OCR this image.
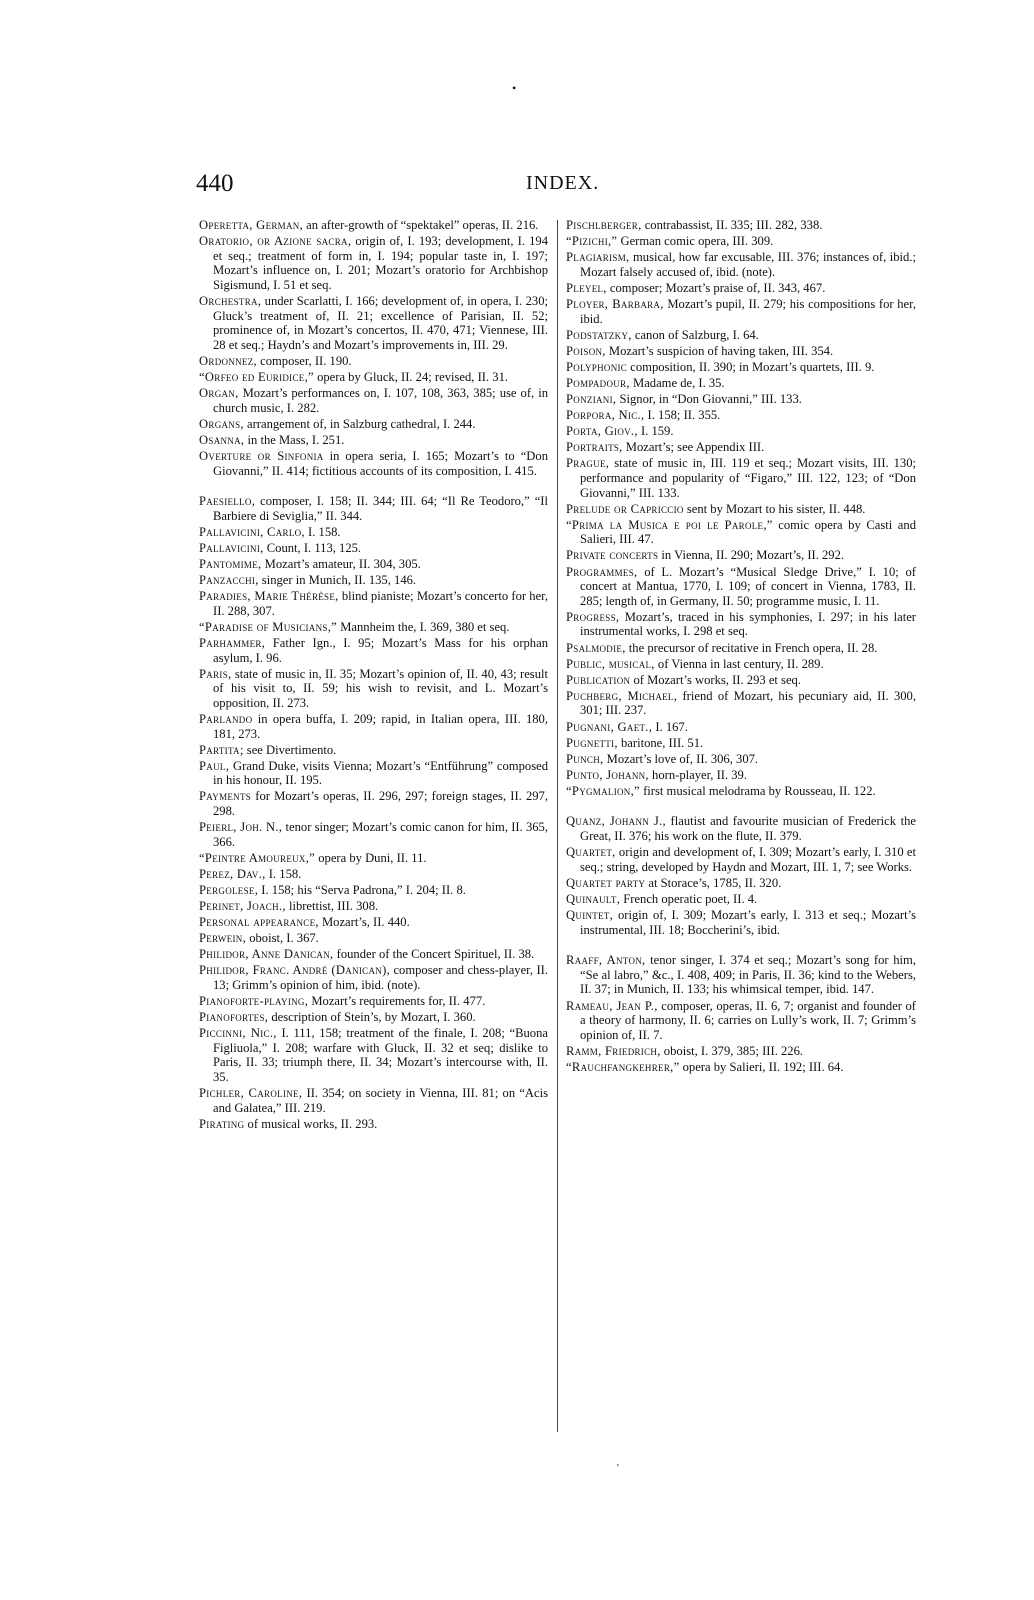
•
440	INDEX.
Operetta, German, an after-growth of “spektakel” operas, II. 216.
Oratorio, or Azione sacra, origin of, I. 193; development, I. 194 et seq.; treatment of form in, I. 194; popular taste in, I. 197; Mozart’s influence on, I. 201; Mozart’s oratorio for Archbishop Sigismund, I. 51 et seq.
Orchestra, under Scarlatti, I. 166; development of, in opera, I. 230; Gluck’s treatment of, II. 21; excellence of Parisian, II. 52; prominence of, in Mozart’s concertos, II. 470, 471; Viennese, III. 28 et seq.; Haydn’s and Mozart’s improvements in, III. 29.
Ordonnez, composer, II. 190.
“Orfeo ed Euridice,” opera by Gluck, II. 24; revised, II. 31.
Organ, Mozart’s performances on, I. 107, 108, 363, 385; use of, in church music, I. 282.
Organs, arrangement of, in Salzburg cathedral, I. 244.
Osanna, in the Mass, I. 251.
Overture or Sinfonia in opera seria, I. 165; Mozart’s to “Don Giovanni,” II. 414; fictitious accounts of its composition, I. 415.
Paesiello, composer, I. 158; II. 344; III. 64; “Il Re Teodoro,” “Il Barbiere di Seviglia,” II. 344.
Pallavicini, Carlo, I. 158.
Pallavicini, Count, I. 113, 125.
Pantomime, Mozart’s amateur, II. 304, 305.
Panzacchi, singer in Munich, II. 135, 146.
Paradies, Marie Thérèse, blind pianiste; Mozart’s concerto for her, II. 288, 307.
“Paradise of Musicians,” Mannheim the, I. 369, 380 et seq.
Parhammer, Father Ign., I. 95; Mozart’s Mass for his orphan asylum, I. 96.
Paris, state of music in, II. 35; Mozart’s opinion of, II. 40, 43; result of his visit to, II. 59; his wish to revisit, and L. Mozart’s opposition, II. 273.
Parlando in opera buffa, I. 209; rapid, in Italian opera, III. 180, 181, 273.
Partita; see Divertimento.
Paul, Grand Duke, visits Vienna; Mozart’s “Entführung” composed in his honour, II. 195.
Payments for Mozart’s operas, II. 296, 297; foreign stages, II. 297, 298.
Peierl, Joh. N., tenor singer; Mozart’s comic canon for him, II. 365, 366.
“Peintre Amoureux,” opera by Duni, II. 11.
Perez, Dav., I. 158.
Pergolese, I. 158; his “Serva Padrona,” I. 204; II. 8.
Perinet, Joach., librettist, III. 308.
Personal appearance, Mozart’s, II. 440.
Perwein, oboist, I. 367.
Philidor, Anne Danican, founder of the Concert Spirituel, II. 38.
Philidor, Franc. André (Danican), composer and chess-player, II. 13; Grimm’s opinion of him, ibid. (note).
Pianoforte-playing, Mozart’s requirements for, II. 477.
Pianofortes, description of Stein’s, by Mozart, I. 360.
Piccinni, Nic., I. 111, 158; treatment of the finale, I. 208; “Buona Figliuola,” I. 208; warfare with Gluck, II. 32 et seq; dislike to Paris, II. 33; triumph there, II. 34; Mozart’s intercourse with, II. 35.
Pichler, Caroline, II. 354; on society in Vienna, III. 81; on “Acis and Galatea,” III. 219.
Pirating of musical works, II. 293.
Pischlberger, contrabassist, II. 335; III. 282, 338.
“Pizichi,” German comic opera, III. 309.
Plagiarism, musical, how far excusable, III. 376; instances of, ibid.; Mozart falsely accused of, ibid. (note).
Pleyel, composer; Mozart’s praise of, II. 343, 467.
Ployer, Barbara, Mozart’s pupil, II. 279; his compositions for her, ibid.
Podstatzky, canon of Salzburg, I. 64.
Poison, Mozart’s suspicion of having taken, III. 354.
Polyphonic composition, II. 390; in Mozart’s quartets, III. 9.
Pompadour, Madame de, I. 35.
Ponziani, Signor, in “Don Giovanni,” III. 133.
Porpora, Nic., I. 158; II. 355.
Porta, Giov., I. 159.
Portraits, Mozart’s; see Appendix III.
Prague, state of music in, III. 119 et seq.; Mozart visits, III. 130; performance and popularity of “Figaro,” III. 122, 123; of “Don Giovanni,” III. 133.
Prelude or Capriccio sent by Mozart to his sister, II. 448.
“Prima la Musica e poi le Parole,” comic opera by Casti and Salieri, III. 47.
Private concerts in Vienna, II. 290; Mozart’s, II. 292.
Programmes, of L. Mozart’s “Musical Sledge Drive,” I. 10; of concert at Mantua, 1770, I. 109; of concert in Vienna, 1783, II. 285; length of, in Germany, II. 50; programme music, I. 11.
Progress, Mozart’s, traced in his symphonies, I. 297; in his later instrumental works, I. 298 et seq.
Psalmodie, the precursor of recitative in French opera, II. 28.
Public, musical, of Vienna in last century, II. 289.
Publication of Mozart’s works, II. 293 et seq.
Puchberg, Michael, friend of Mozart, his pecuniary aid, II. 300, 301; III. 237.
Pugnani, Gaet., I. 167.
Pugnetti, baritone, III. 51.
Punch, Mozart’s love of, II. 306, 307.
Punto, Johann, horn-player, II. 39.
“Pygmalion,” first musical melodrama by Rousseau, II. 122.
Quanz, Johann J., flautist and favourite musician of Frederick the Great, II. 376; his work on the flute, II. 379.
Quartet, origin and development of, I. 309; Mozart’s early, I. 310 et seq.; string, developed by Haydn and Mozart, III. 1, 7; see Works.
Quartet party at Storace’s, 1785, II. 320.
Quinault, French operatic poet, II. 4.
Quintet, origin of, I. 309; Mozart’s early, I. 313 et seq.; Mozart’s instrumental, III. 18; Boccherini’s, ibid.
Raaff, Anton, tenor singer, I. 374 et seq.; Mozart’s song for him, “Se al labro,” &c., I. 408, 409; in Paris, II. 36; kind to the Webers, II. 37; in Munich, II. 133; his whimsical temper, ibid. 147.
Rameau, Jean P., composer, operas, II. 6, 7; organist and founder of a theory of harmony, II. 6; carries on Lully’s work, II. 7; Grimm’s opinion of, II. 7.
Ramm, Friedrich, oboist, I. 379, 385; III. 226.
“Rauchfangkehrer,” opera by Salieri, II. 192; III. 64.
'
